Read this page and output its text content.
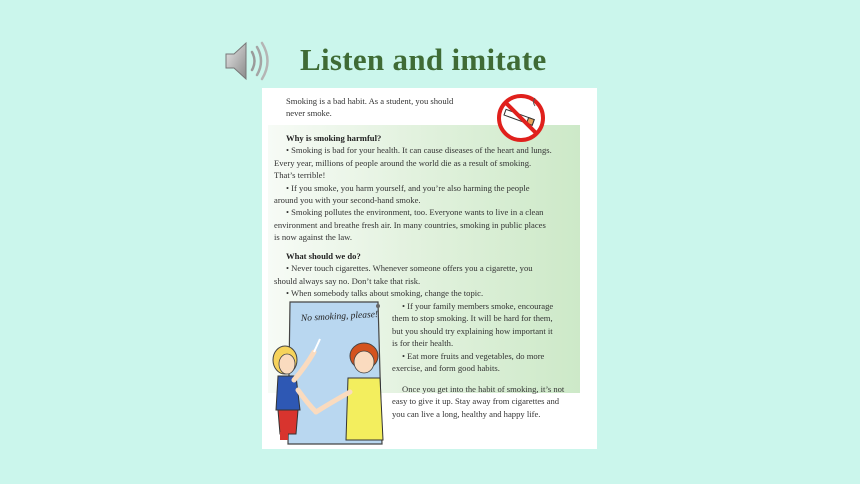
Listen and imitate
Smoking is a bad habit. As a student, you should
never smoke.
Why is smoking harmful?
• Smoking is bad for your health. It can cause diseases of the heart and lungs.
Every year, millions of people around the world die as a result of smoking.
That’s terrible!
• If you smoke, you harm yourself, and you’re also harming the people
around you with your second-hand smoke.
• Smoking pollutes the environment, too. Everyone wants to live in a clean
environment and breathe fresh air. In many countries, smoking in public places
is now against the law.
What should we do?
• Never touch cigarettes. Whenever someone offers you a cigarette, you
should always say no. Don’t take that risk.
• When somebody talks about smoking, change the topic.
• If your family members smoke, encourage
them to stop smoking. It will be hard for them,
but you should try explaining how important it
is for their health.
• Eat more fruits and vegetables, do more
exercise, and form good habits.
Once you get into the habit of smoking, it’s not
easy to give it up. Stay away from cigarettes and
you can live a long, healthy and happy life.
No smoking, please!
